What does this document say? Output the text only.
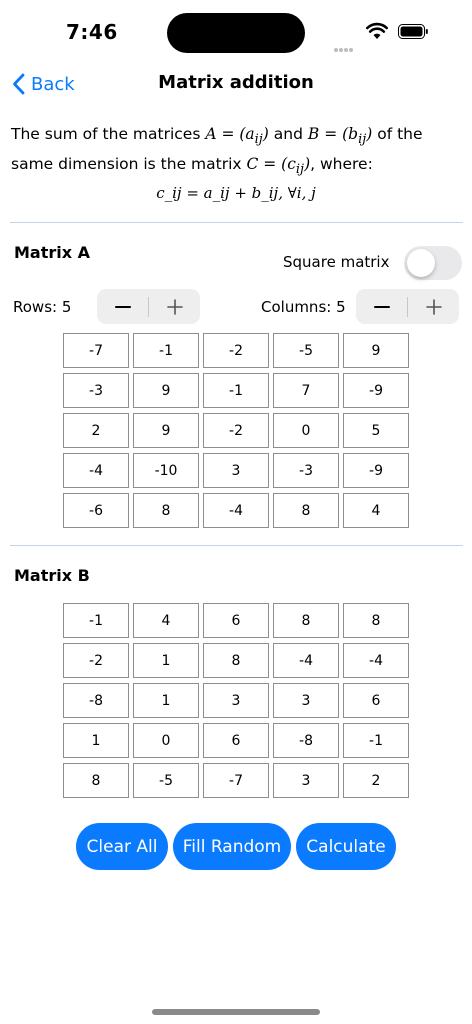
7:46
Back	Matrix addition
The sum of the matrices $A = (a_{ij})$ and $B = (b_{ij})$ of the same dimension is the matrix $C = (c_{ij})$, where:
c_ij = a_ij + b_ij, ∀i, j
Matrix A	Square matrix
Rows: 5	Columns: 5
-7	-1	-2	-5	9
-3	9	-1	7	-9
2	9	-2	0	5
-4	-10	3	-3	-9
-6	8	-4	8	4
Matrix B
-1	4	6	8	8
-2	1	8	-4	-4
-8	1	3	3	6
1	0	6	-8	-1
8	-5	-7	3	2
Clear All	Fill Random	Calculate
